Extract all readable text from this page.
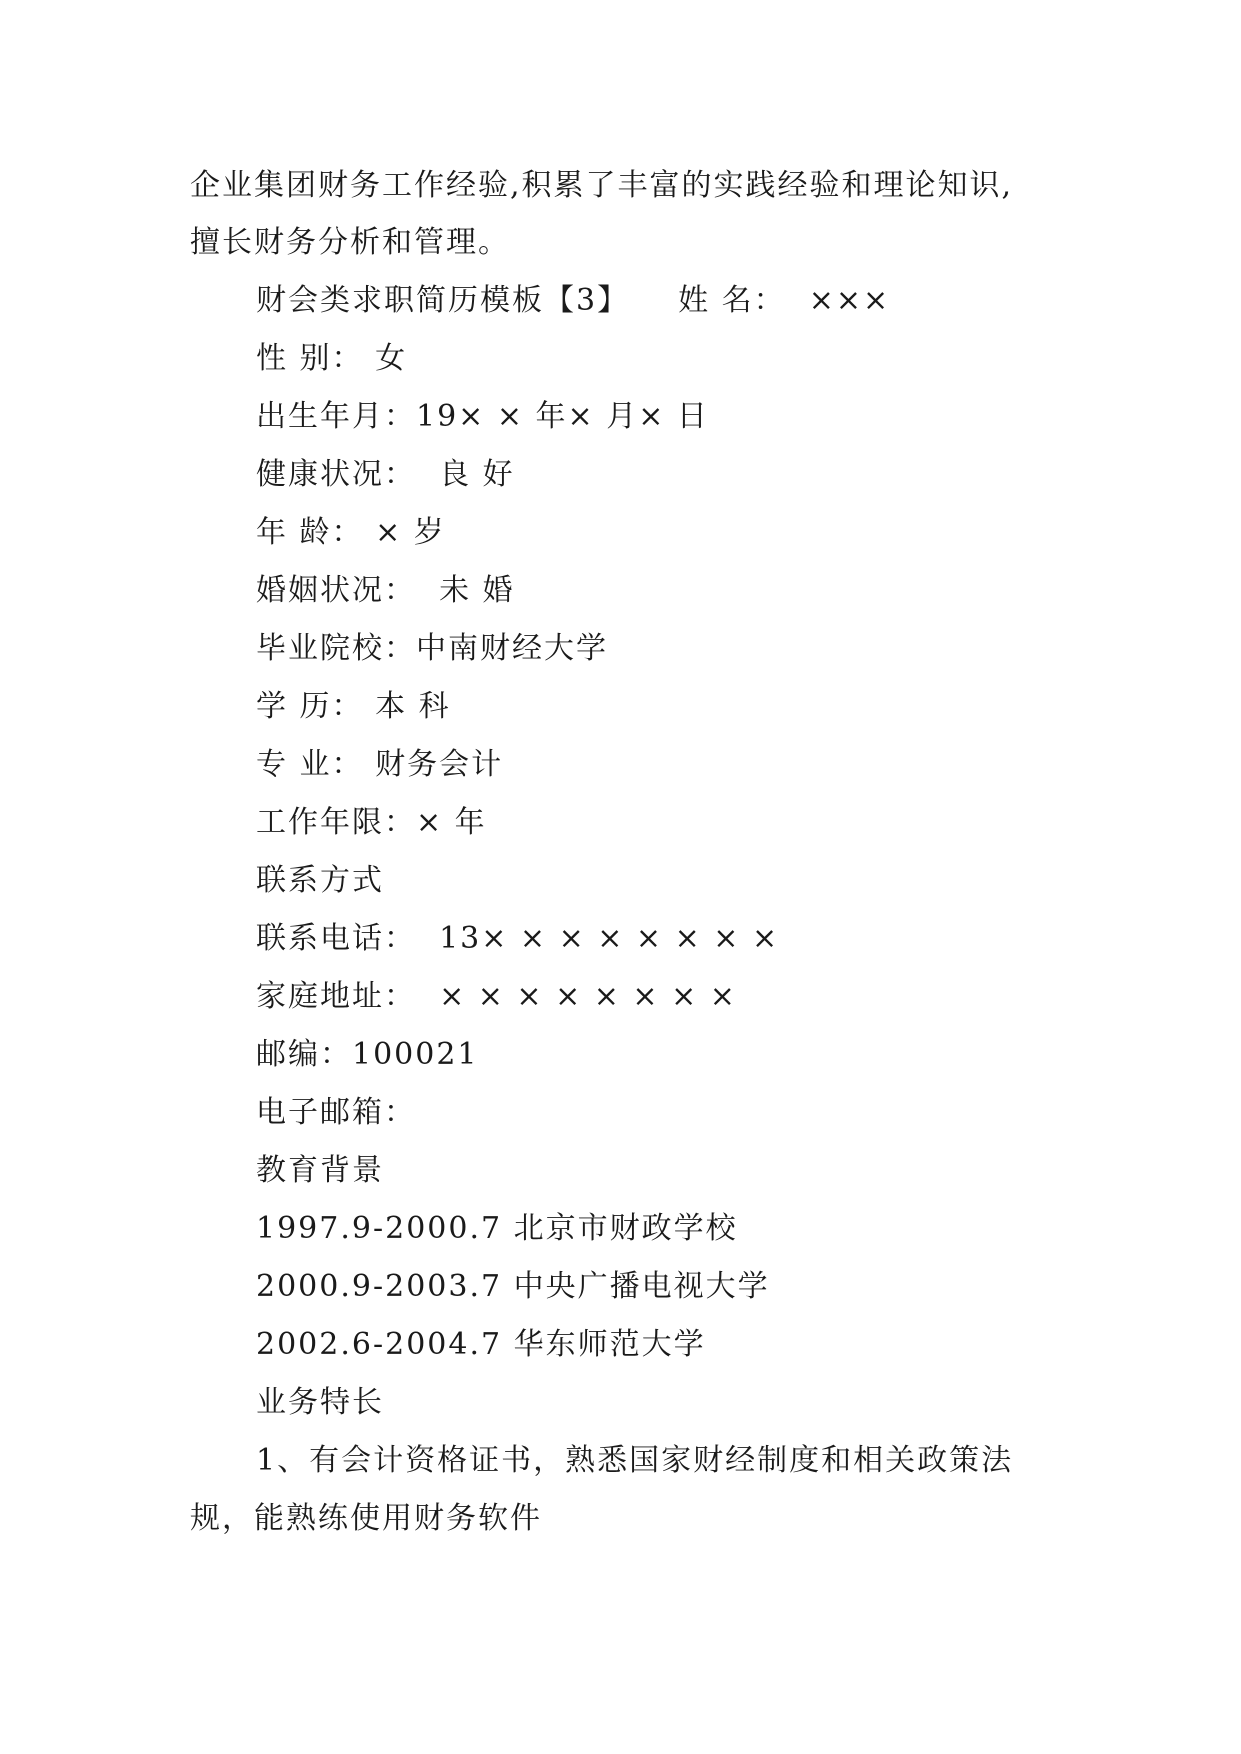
企业集团财务工作经验,积累了丰富的实践经验和理论知识,
擅长财务分析和管理。
财会类求职简历模板【3】　　姓 名：  ×××
性 别： 女
出生年月：19× × 年× 月× 日
健康状况：  良 好
年 龄： × 岁
婚姻状况：  未 婚
毕业院校：中南财经大学
学 历： 本 科
专 业： 财务会计
工作年限：× 年
联系方式
联系电话：  13× × × × × × × ×
家庭地址：  × × × × × × × ×
邮编：100021
电子邮箱：
教育背景
1997.9-2000.7 北京市财政学校
2000.9-2003.7 中央广播电视大学
2002.6-2004.7 华东师范大学
业务特长
1、有会计资格证书，熟悉国家财经制度和相关政策法
规，能熟练使用财务软件
